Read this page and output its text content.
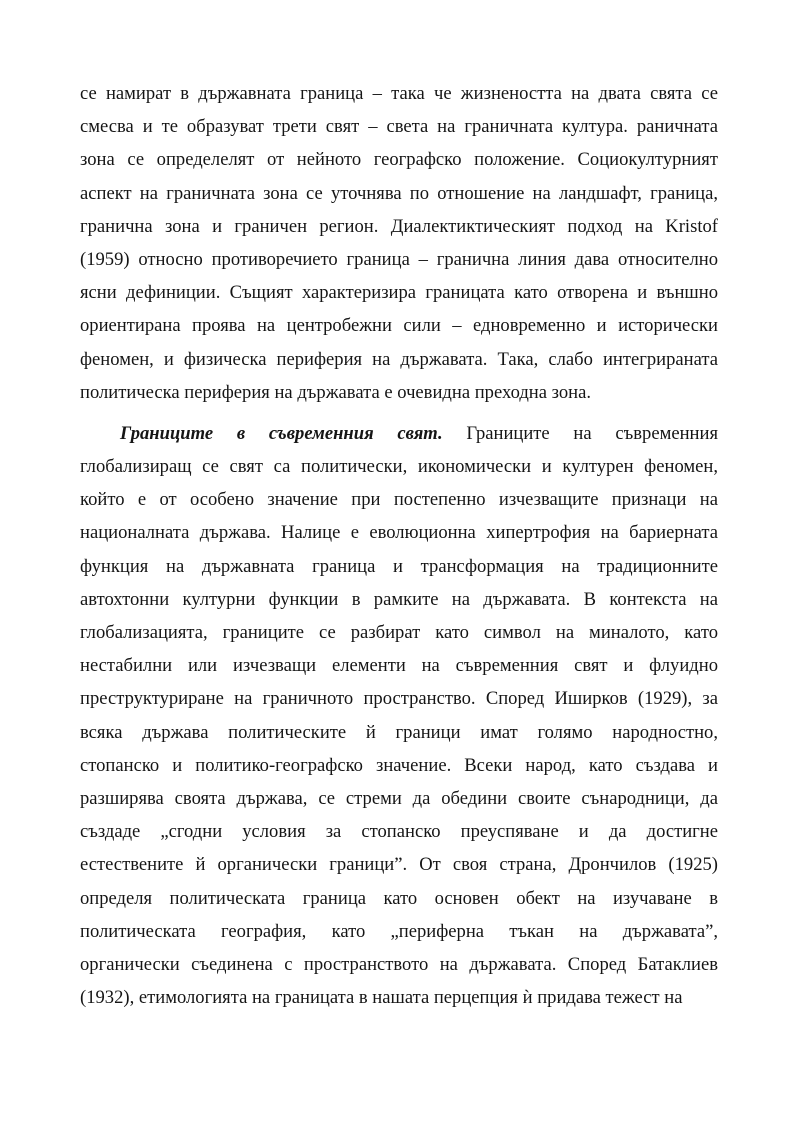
се намират в държавната граница – така че жизнеността на двата свята се
смесва и те образуват трети свят – света на граничната култура. раничната
зона се определелят от нейното географско положение. Социокултурният
аспект на граничната зона се уточнява по отношение на ландшафт, граница,
гранична зона и граничен регион. Диалектиктическият подход на Kristof
(1959) относно противоречието граница – гранична линия дава относително
ясни дефиниции. Същият характеризира границата като отворена и външно
ориентирана проява на центробежни сили – едновременно и исторически
феномен, и физическа периферия на държавата. Така, слабо интегрираната
политическа периферия на държавата е очевидна преходна зона.
Границите в съвременния свят. Границите на съвременния
глобализиращ се свят са политически, икономически и културен феномен,
който е от особено значение при постепенно изчезващите признаци на
националната държава. Налице е еволюционна хипертрофия на бариерната
функция на държавната граница и трансформация на традиционните
автохтонни културни функции в рамките на държавата. В контекста на
глобализацията, границите се разбират като символ на миналото, като
нестабилни или изчезващи елементи на съвременния свят и флуидно
преструктуриране на граничното пространство. Според Иширков (1929), за
всяка държава политическите й граници имат голямо народностно,
стопанско и политико-географско значение. Всеки народ, като създава и
разширява своята държава, се стреми да обедини своите сънародници, да
създаде „сгодни условия за стопанско преуспяване и да достигне
естествените й органически граници”. От своя страна, Дрончилов (1925)
определя политическата граница като основен обект на изучаване в
политическата география, като „периферна тъкан на държавата”,
органически съединена с пространството на държавата. Според Батаклиев
(1932), етимологията на границата в нашата перцепция ѝ придава тежест на
